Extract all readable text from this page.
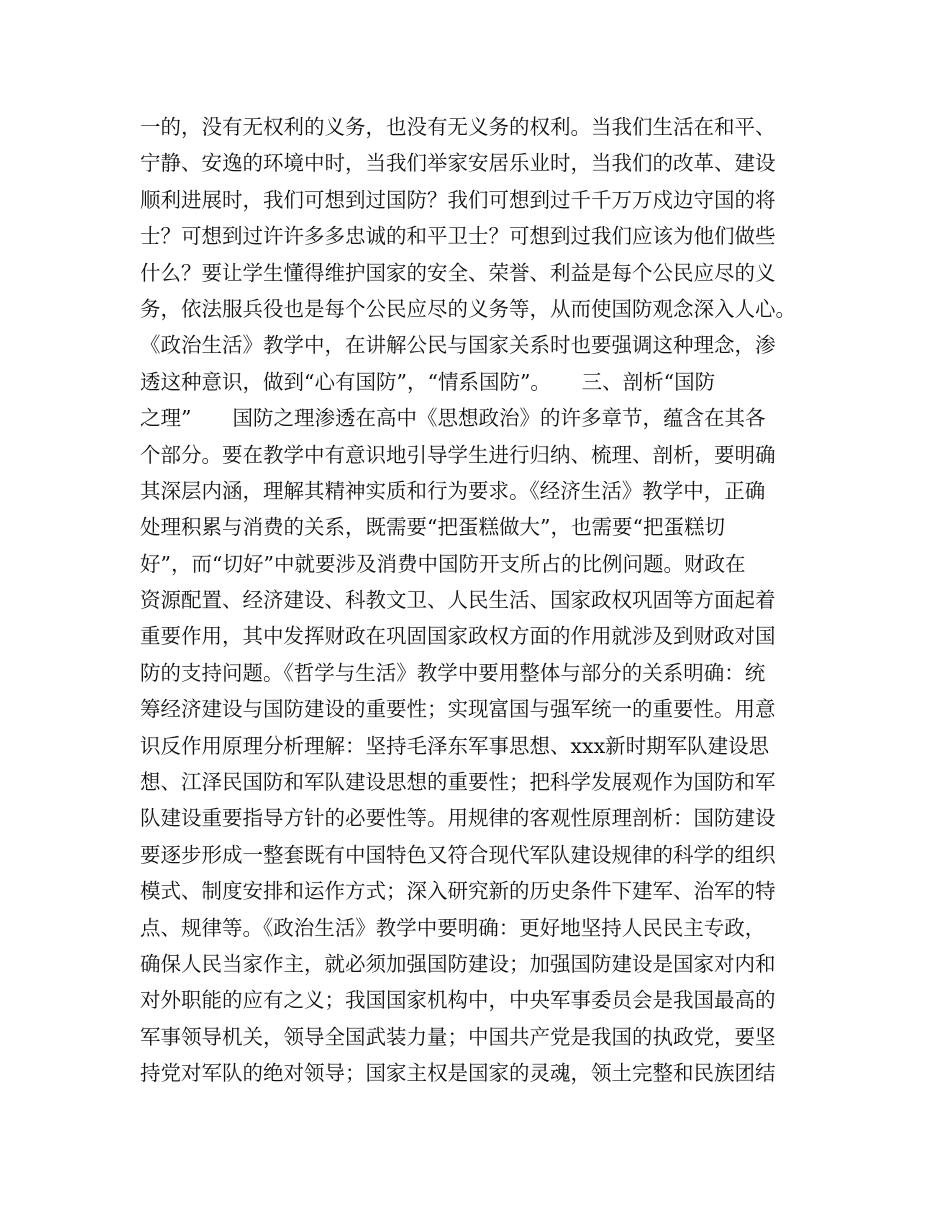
一的，没有无权利的义务，也没有无义务的权利。当我们生活在和平、
宁静、安逸的环境中时，当我们举家安居乐业时，当我们的改革、建设
顺利进展时，我们可想到过国防？我们可想到过千千万万戍边守国的将
士？可想到过许许多多忠诚的和平卫士？可想到过我们应该为他们做些
什么？要让学生懂得维护国家的安全、荣誉、利益是每个公民应尽的义
务，依法服兵役也是每个公民应尽的义务等，从而使国防观念深入人心。
《政治生活》教学中，在讲解公民与国家关系时也要强调这种理念，渗
透这种意识，做到“心有国防”，“情系国防”。　　三、剖析“国防
之理”　　国防之理渗透在高中《思想政治》的许多章节，蕴含在其各
个部分。要在教学中有意识地引导学生进行归纳、梳理、剖析，要明确
其深层内涵，理解其精神实质和行为要求。《经济生活》教学中，正确
处理积累与消费的关系，既需要“把蛋糕做大”，也需要“把蛋糕切
好”，而“切好”中就要涉及消费中国防开支所占的比例问题。财政在
资源配置、经济建设、科教文卫、人民生活、国家政权巩固等方面起着
重要作用，其中发挥财政在巩固国家政权方面的作用就涉及到财政对国
防的支持问题。《哲学与生活》教学中要用整体与部分的关系明确：统
筹经济建设与国防建设的重要性；实现富国与强军统一的重要性。用意
识反作用原理分析理解：坚持毛泽东军事思想、xxx新时期军队建设思
想、江泽民国防和军队建设思想的重要性；把科学发展观作为国防和军
队建设重要指导方针的必要性等。用规律的客观性原理剖析：国防建设
要逐步形成一整套既有中国特色又符合现代军队建设规律的科学的组织
模式、制度安排和运作方式；深入研究新的历史条件下建军、治军的特
点、规律等。《政治生活》教学中要明确：更好地坚持人民民主专政，
确保人民当家作主，就必须加强国防建设；加强国防建设是国家对内和
对外职能的应有之义；我国国家机构中，中央军事委员会是我国最高的
军事领导机关，领导全国武装力量；中国共产党是我国的执政党，要坚
持党对军队的绝对领导；国家主权是国家的灵魂，领土完整和民族团结
